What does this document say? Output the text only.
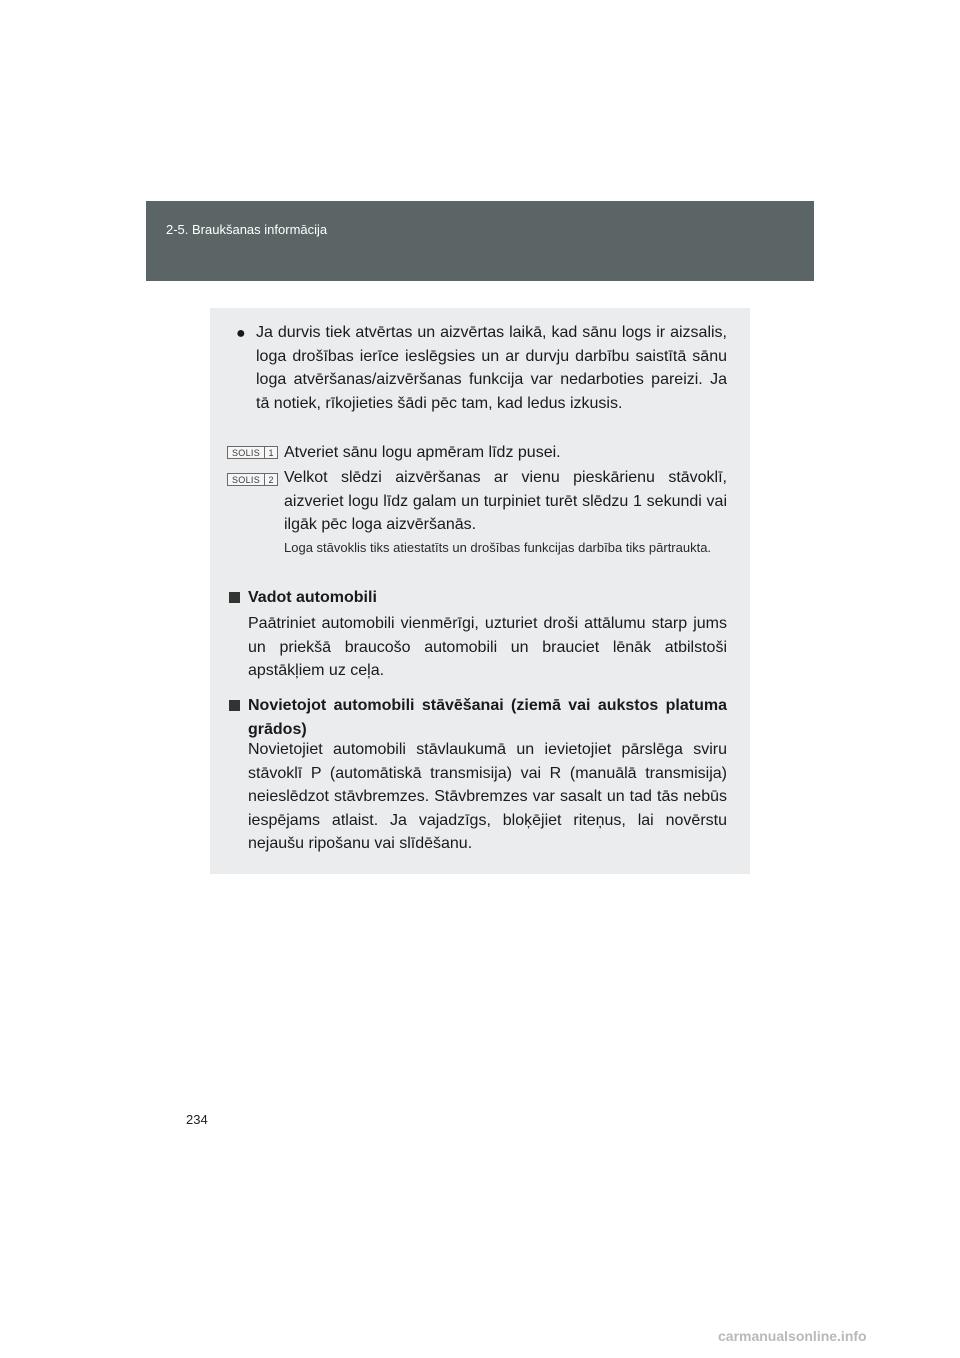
2-5. Braukšanas informācija
● Ja durvis tiek atvērtas un aizvērtas laikā, kad sānu logs ir aizsalis, loga drošības ierīce ieslēgsies un ar durvju darbību saistītā sānu loga atvēršanas/aizvēršanas funkcija var nedarboties pareizi. Ja tā notiek, rīkojieties šādi pēc tam, kad ledus izkusis.

SOLIS 1 Atveriet sānu logu apmēram līdz pusei.

SOLIS 2 Velkot slēdzi aizvēršanas ar vienu pieskārienu stāvoklī, aizveriet logu līdz galam un turpiniet turēt slēdzu 1 sekundi vai ilgāk pēc loga aizvēršanās.

Loga stāvoklis tiks atiestatīts un drošības funkcijas darbība tiks pārtraukta.

Vadot automobili

Paātriniet automobili vienmērīgi, uzturiet droši attālumu starp jums un priekšā braucošo automobili un brauciet lēnāk atbilstoši apstākļiem uz ceļa.

Novietojot automobili stāvēšanai (ziemā vai aukstos platuma grādos)

Novietojiet automobili stāvlaukumā un ievietojiet pārslēga sviru stāvoklī P (automātiskā transmisija) vai R (manuālā transmisija) neieslēdzot stāvbremzes. Stāvbremzes var sasalt un tad tās nebūs iespējams atlaist. Ja vajadzīgs, bloķējiet riteņus, lai novērstu nejaušu ripošanu vai slīdēšanu.

234
carmanualsonline.info
